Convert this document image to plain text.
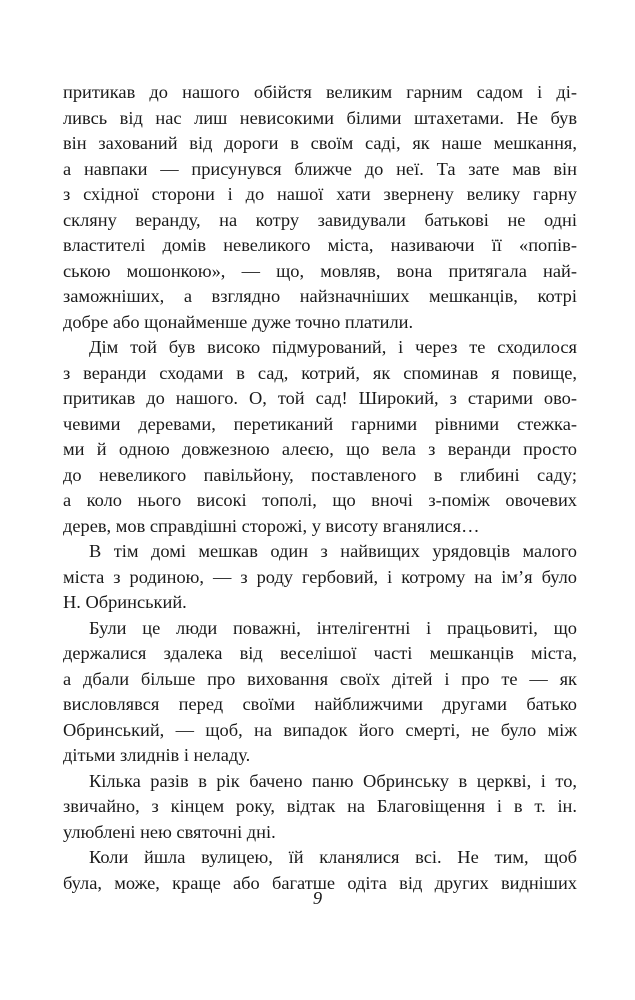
притикав до нашого обійстя великим гарним садом і ді-
ливсь від нас лиш невисокими білими штахетами. Не був
він захований від дороги в своїм саді, як наше мешкання,
а навпаки — присунувся ближче до неї. Та зате мав він
з східної сторони і до нашої хати звернену велику гарну
скляну веранду, на котру завидували батькові не одні
властителі домів невеликого міста, називаючи її «попів-
ською мошонкою», — що, мовляв, вона притягала най-
заможніших, а взглядно найзначніших мешканців, котрі
добре або щонайменше дуже точно платили.
Дім той був високо підмурований, і через те сходилося
з веранди сходами в сад, котрий, як споминав я повище,
притикав до нашого. О, той сад! Широкий, з старими ово-
чевими деревами, перетиканий гарними рівними стежка-
ми й одною довжезною алеєю, що вела з веранди просто
до невеликого павільйону, поставленого в глибині саду;
а коло нього високі тополі, що вночі з-поміж овочевих
дерев, мов справдішні сторожі, у висоту вганялися…
В тім домі мешкав один з найвищих урядовців малого
міста з родиною, — з роду гербовий, і котрому на ім’я було
Н. Обринський.
Були це люди поважні, інтелігентні і працьовиті, що
держалися здалека від веселішої часті мешканців міста,
а дбали більше про виховання своїх дітей і про те — як
висловлявся перед своїми найближчими другами батько
Обринський, — щоб, на випадок його смерті, не було між
дітьми злиднів і неладу.
Кілька разів в рік бачено паню Обринську в церкві, і то,
звичайно, з кінцем року, відтак на Благовіщення і в т. ін.
улюблені нею святочні дні.
Коли йшла вулицею, їй кланялися всі. Не тим, щоб
була, може, краще або багатше одіта від других видніших
9
